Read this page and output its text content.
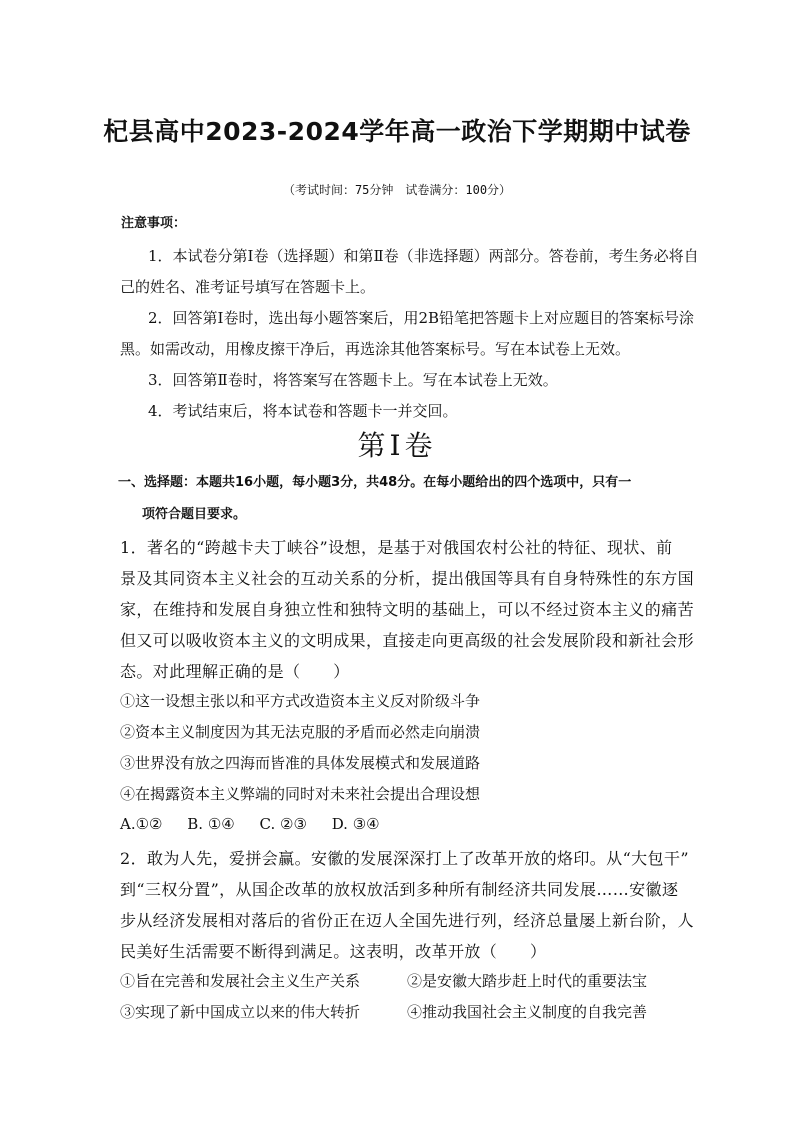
杞县高中2023-2024学年高一政治下学期期中试卷
（考试时间：75分钟　试卷满分：100分）
注意事项：
1．本试卷分第Ⅰ卷（选择题）和第Ⅱ卷（非选择题）两部分。答卷前，考生务必将自
己的姓名、准考证号填写在答题卡上。
2．回答第Ⅰ卷时，选出每小题答案后，用2B铅笔把答题卡上对应题目的答案标号涂
黑。如需改动，用橡皮擦干净后，再选涂其他答案标号。写在本试卷上无效。
3．回答第Ⅱ卷时，将答案写在答题卡上。写在本试卷上无效。
4．考试结束后，将本试卷和答题卡一并交回。
第Ⅰ卷
一、选择题：本题共16小题，每小题3分，共48分。在每小题给出的四个选项中，只有一
项符合题目要求。
1．著名的“跨越卡夫丁峡谷”设想，是基于对俄国农村公社的特征、现状、前
景及其同资本主义社会的互动关系的分析，提出俄国等具有自身特殊性的东方国
家，在维持和发展自身独立性和独特文明的基础上，可以不经过资本主义的痛苦
但又可以吸收资本主义的文明成果，直接走向更高级的社会发展阶段和新社会形
态。对此理解正确的是（　　）
①这一设想主张以和平方式改造资本主义反对阶级斗争
②资本主义制度因为其无法克服的矛盾而必然走向崩溃
③世界没有放之四海而皆准的具体发展模式和发展道路
④在揭露资本主义弊端的同时对未来社会提出合理设想
A.①② B. ①④ C. ②③ D. ③④
2．敢为人先，爱拼会赢。安徽的发展深深打上了改革开放的烙印。从“大包干”
到“三权分置”，从国企改革的放权放活到多种所有制经济共同发展……安徽逐
步从经济发展相对落后的省份正在迈人全国先进行列，经济总量屡上新台阶，人
民美好生活需要不断得到满足。这表明，改革开放（　　）
①旨在完善和发展社会主义生产关系	②是安徽大踏步赶上时代的重要法宝
③实现了新中国成立以来的伟大转折	④推动我国社会主义制度的自我完善
